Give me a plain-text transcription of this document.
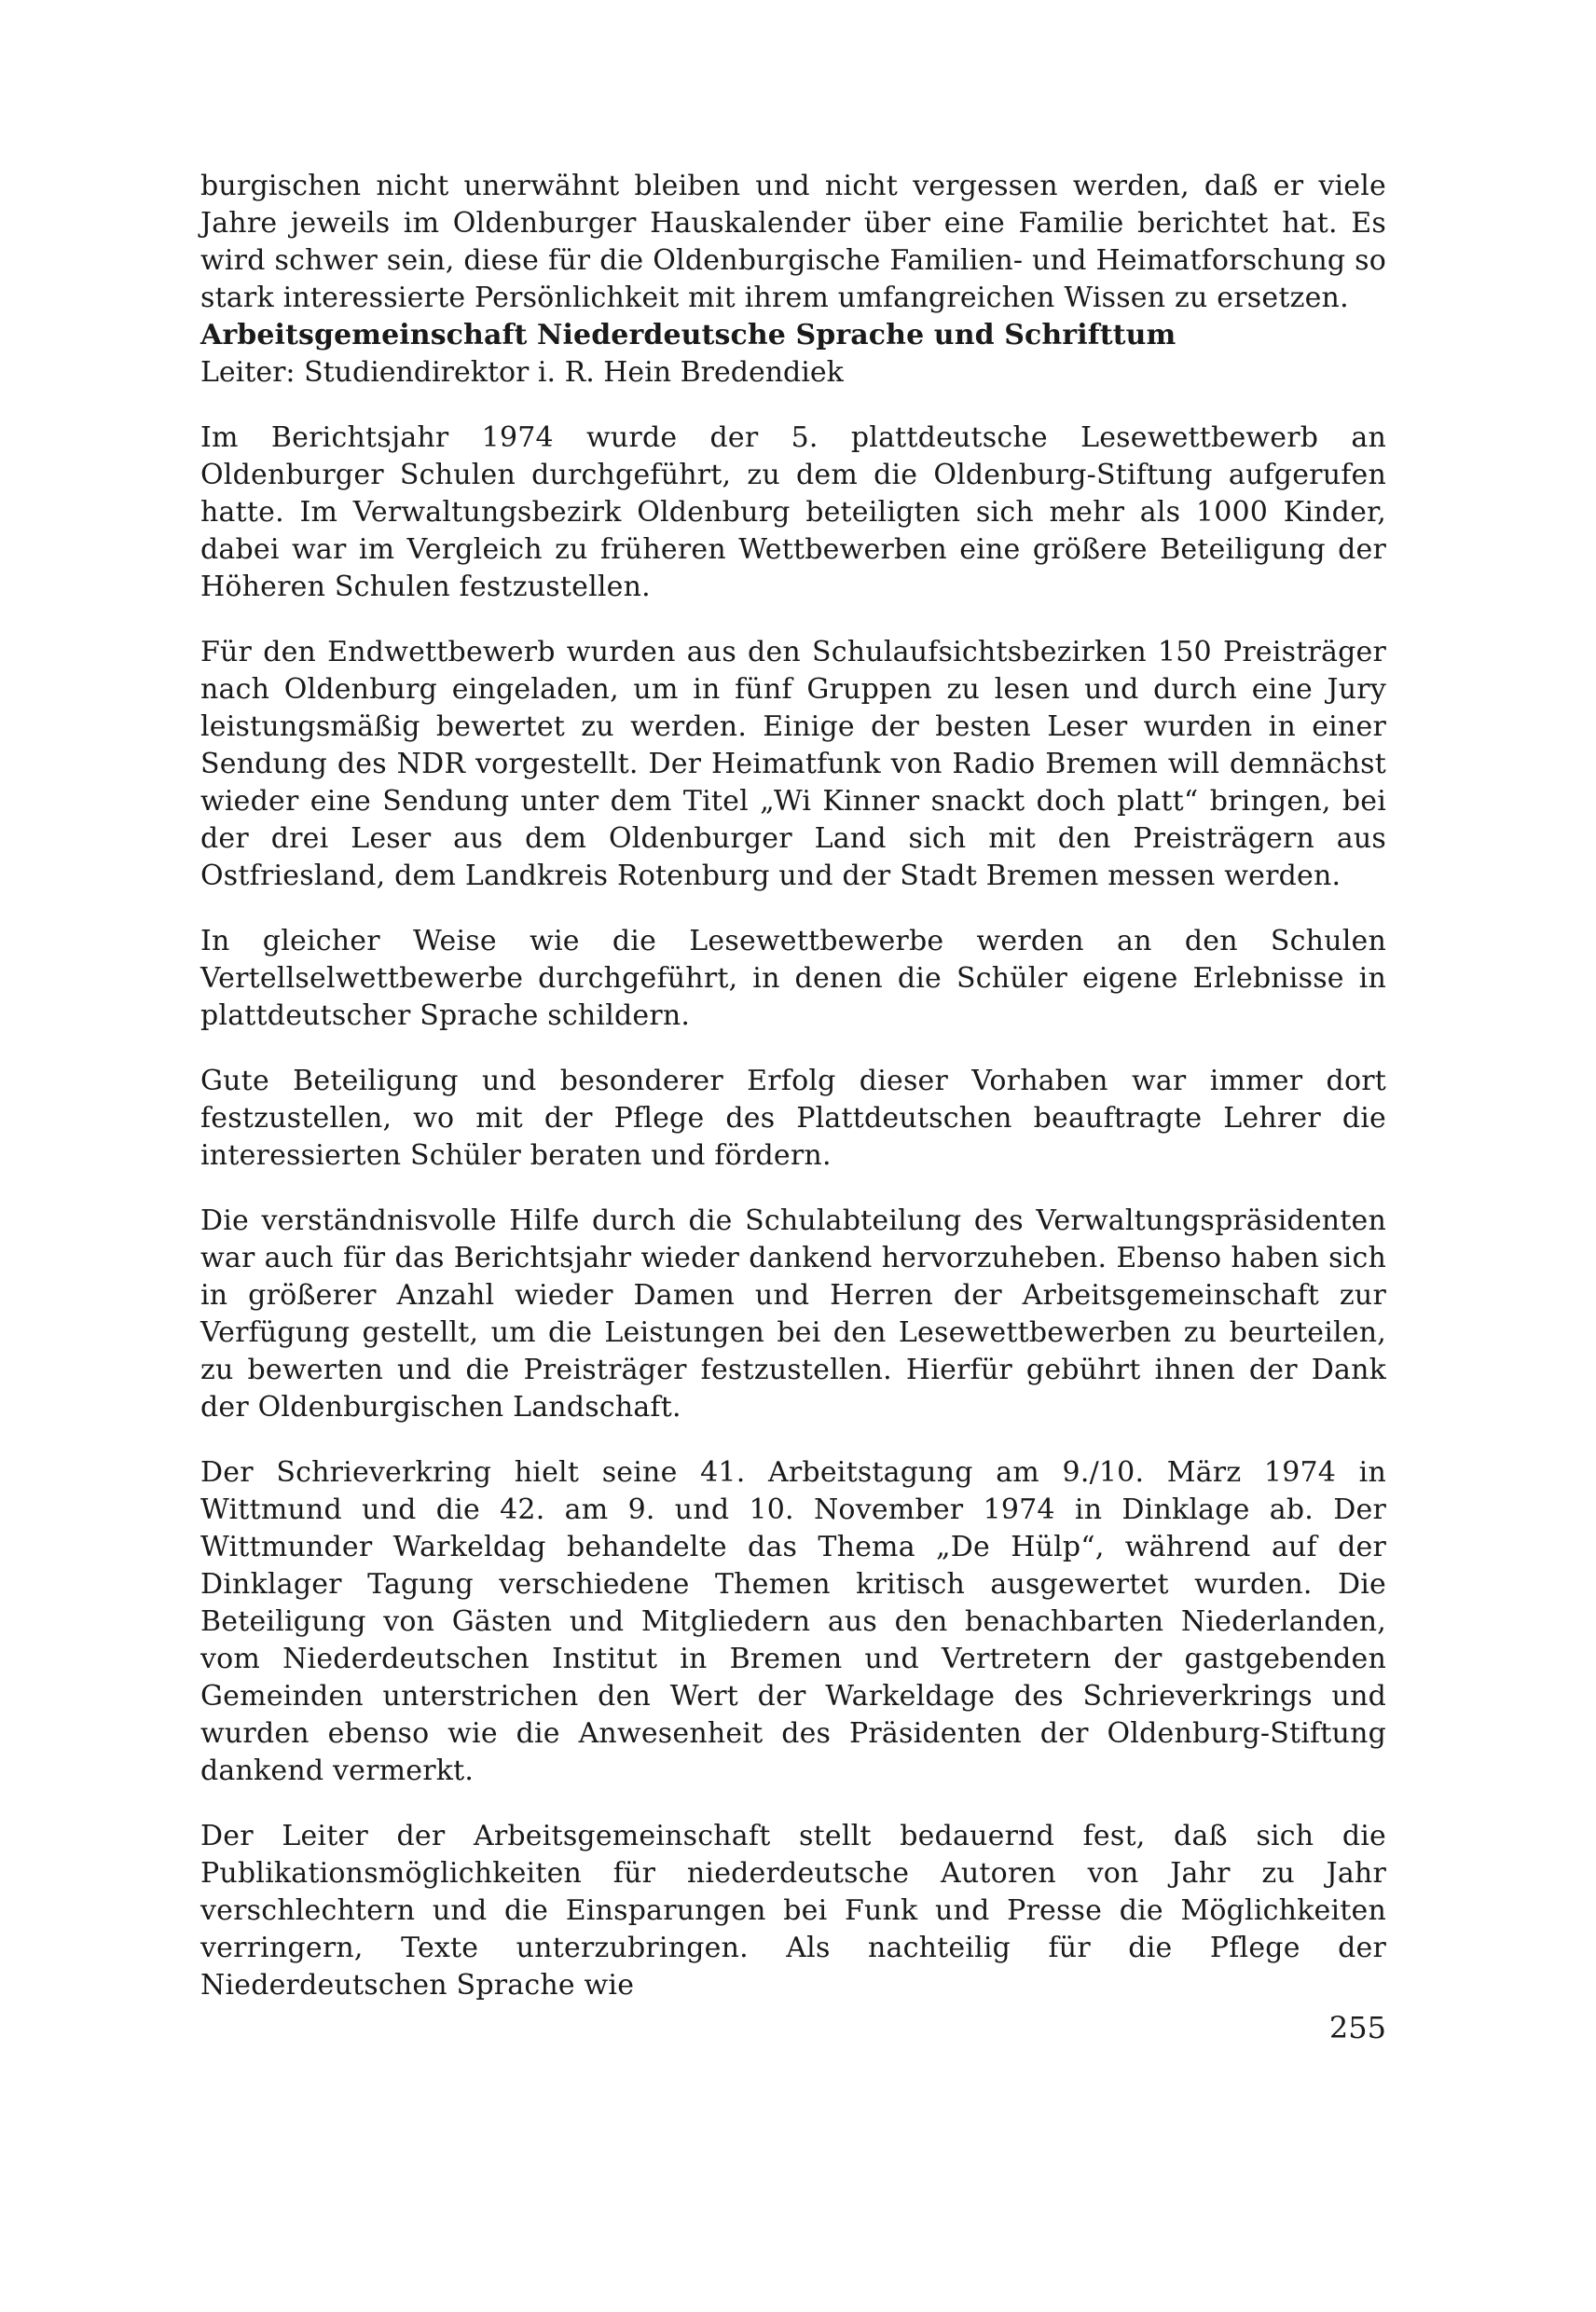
burgischen nicht unerwähnt bleiben und nicht vergessen werden, daß er viele Jahre jeweils im Oldenburger Hauskalender über eine Familie berichtet hat. Es wird schwer sein, diese für die Oldenburgische Familien- und Heimatforschung so stark interessierte Persönlichkeit mit ihrem umfangreichen Wissen zu ersetzen.

Arbeitsgemeinschaft Niederdeutsche Sprache und Schrifttum

Leiter: Studiendirektor i. R. Hein Bredendiek

Im Berichtsjahr 1974 wurde der 5. plattdeutsche Lesewettbewerb an Oldenburger Schulen durchgeführt, zu dem die Oldenburg-Stiftung aufgerufen hatte. Im Verwaltungsbezirk Oldenburg beteiligten sich mehr als 1000 Kinder, dabei war im Vergleich zu früheren Wettbewerben eine größere Beteiligung der Höheren Schulen festzustellen.

Für den Endwettbewerb wurden aus den Schulaufsichtsbezirken 150 Preisträger nach Oldenburg eingeladen, um in fünf Gruppen zu lesen und durch eine Jury leistungsmäßig bewertet zu werden. Einige der besten Leser wurden in einer Sendung des NDR vorgestellt. Der Heimatfunk von Radio Bremen will demnächst wieder eine Sendung unter dem Titel „Wi Kinner snackt doch platt“ bringen, bei der drei Leser aus dem Oldenburger Land sich mit den Preisträgern aus Ostfriesland, dem Landkreis Rotenburg und der Stadt Bremen messen werden.

In gleicher Weise wie die Lesewettbewerbe werden an den Schulen Vertellselwettbewerbe durchgeführt, in denen die Schüler eigene Erlebnisse in plattdeutscher Sprache schildern.

Gute Beteiligung und besonderer Erfolg dieser Vorhaben war immer dort festzustellen, wo mit der Pflege des Plattdeutschen beauftragte Lehrer die interessierten Schüler beraten und fördern.

Die verständnisvolle Hilfe durch die Schulabteilung des Verwaltungspräsidenten war auch für das Berichtsjahr wieder dankend hervorzuheben. Ebenso haben sich in größerer Anzahl wieder Damen und Herren der Arbeitsgemeinschaft zur Verfügung gestellt, um die Leistungen bei den Lesewettbewerben zu beurteilen, zu bewerten und die Preisträger festzustellen. Hierfür gebührt ihnen der Dank der Oldenburgischen Landschaft.

Der Schrieverkring hielt seine 41. Arbeitstagung am 9./10. März 1974 in Wittmund und die 42. am 9. und 10. November 1974 in Dinklage ab. Der Wittmunder Warkeldag behandelte das Thema „De Hülp“, während auf der Dinklager Tagung verschiedene Themen kritisch ausgewertet wurden. Die Beteiligung von Gästen und Mitgliedern aus den benachbarten Niederlanden, vom Niederdeutschen Institut in Bremen und Vertretern der gastgebenden Gemeinden unterstrichen den Wert der Warkeldage des Schrieverkrings und wurden ebenso wie die Anwesenheit des Präsidenten der Oldenburg-Stiftung dankend vermerkt.

Der Leiter der Arbeitsgemeinschaft stellt bedauernd fest, daß sich die Publikationsmöglichkeiten für niederdeutsche Autoren von Jahr zu Jahr verschlechtern und die Einsparungen bei Funk und Presse die Möglichkeiten verringern, Texte unterzubringen. Als nachteilig für die Pflege der Niederdeutschen Sprache wie

255
